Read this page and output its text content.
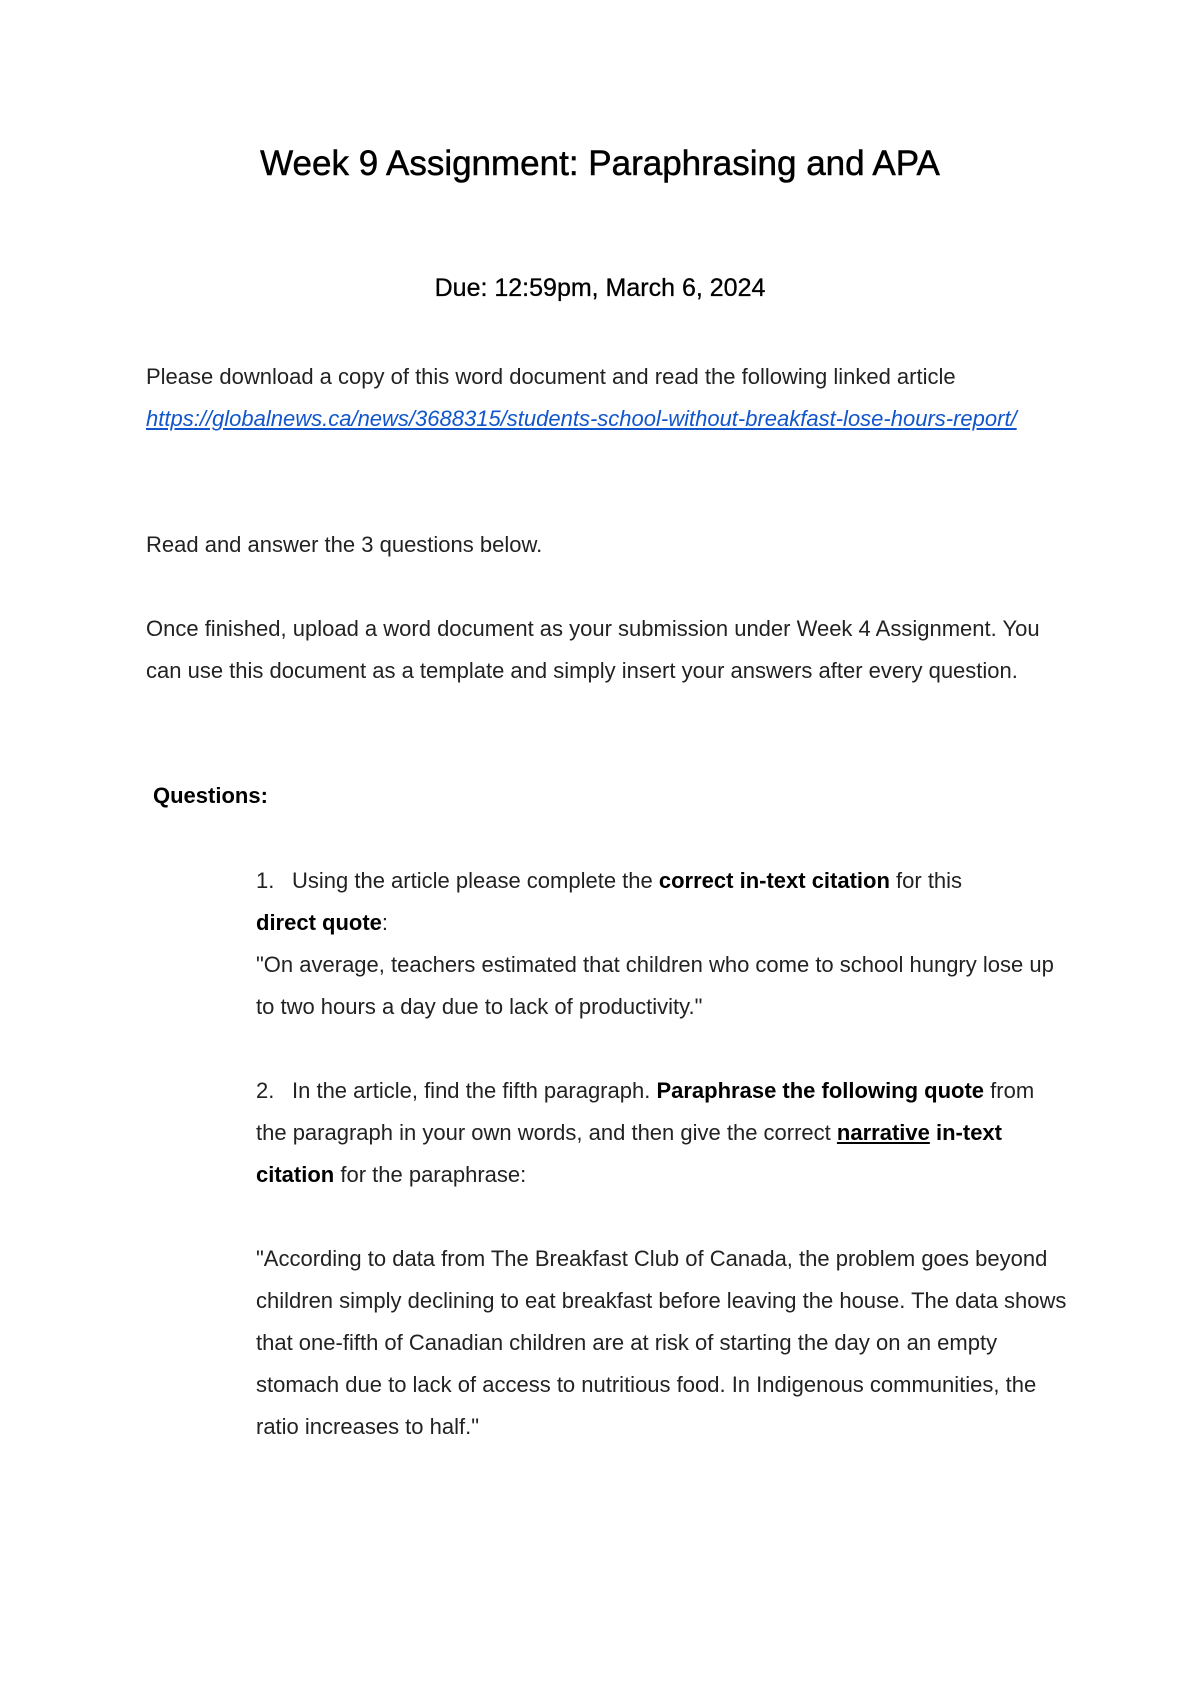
Week 9 Assignment: Paraphrasing and APA

Due: 12:59pm, March 6, 2024

Please download a copy of this word document and read the following linked article
https://globalnews.ca/news/3688315/students-school-without-breakfast-lose-hours-report/

Read and answer the 3 questions below.

Once finished, upload a word document as your submission under Week 4 Assignment. You can use this document as a template and simply insert your answers after every question.

Questions:

1. Using the article please complete the correct in-text citation for this
direct quote:
"On average, teachers estimated that children who come to school hungry lose up to two hours a day due to lack of productivity."
2. In the article, find the fifth paragraph. Paraphrase the following quote from the paragraph in your own words, and then give the correct narrative in-text citation for the paraphrase:

"According to data from The Breakfast Club of Canada, the problem goes beyond children simply declining to eat breakfast before leaving the house. The data shows that one-fifth of Canadian children are at risk of starting the day on an empty stomach due to lack of access to nutritious food. In Indigenous communities, the ratio increases to half."
